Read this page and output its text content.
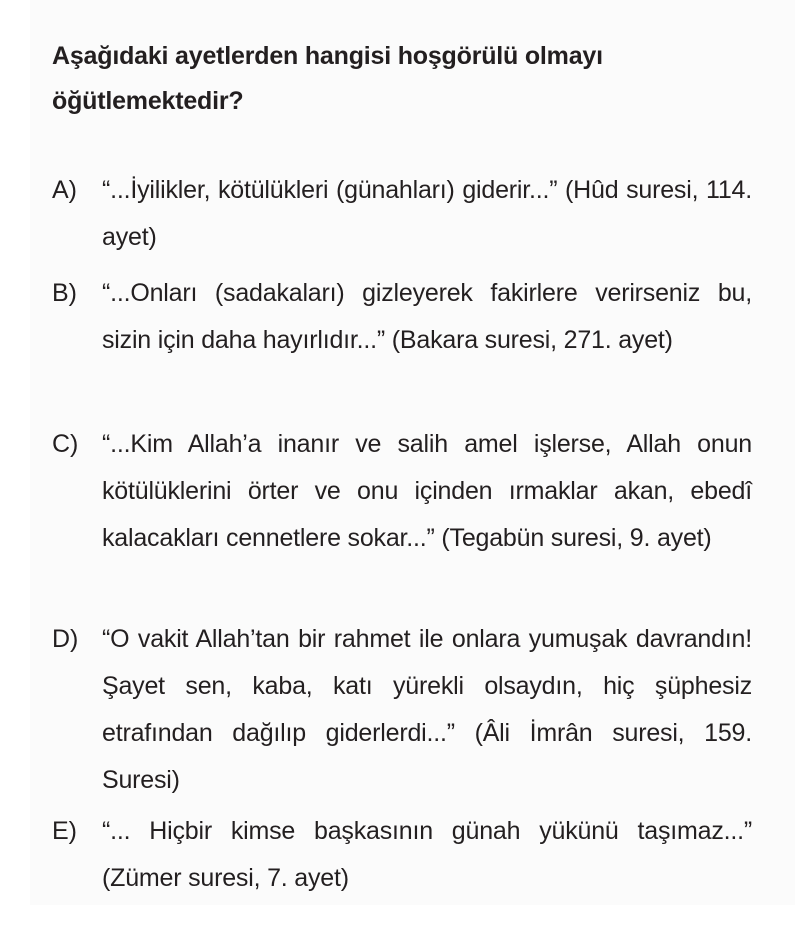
Aşağıdaki ayetlerden hangisi hoşgörülü olmayı öğütlemektedir?

A) “...İyilikler, kötülükleri (günahları) giderir...” (Hûd suresi, 114. ayet)
B) “...Onları (sadakaları) gizleyerek fakirlere verirseniz bu, sizin için daha hayırlıdır...” (Bakara suresi, 271. ayet)
C) “...Kim Allah’a inanır ve salih amel işlerse, Allah onun kötülüklerini örter ve onu içinden ırmaklar akan, ebedî kalacakları cennetlere sokar...” (Tegabün suresi, 9. ayet)
D) “O vakit Allah’tan bir rahmet ile onlara yumuşak davrandın! Şayet sen, kaba, katı yürekli olsaydın, hiç şüphesiz etrafından dağılıp giderlerdi...” (Âli İmrân suresi, 159. Suresi)
E) “... Hiçbir kimse başkasının günah yükünü taşımaz...” (Zümer suresi, 7. ayet)
